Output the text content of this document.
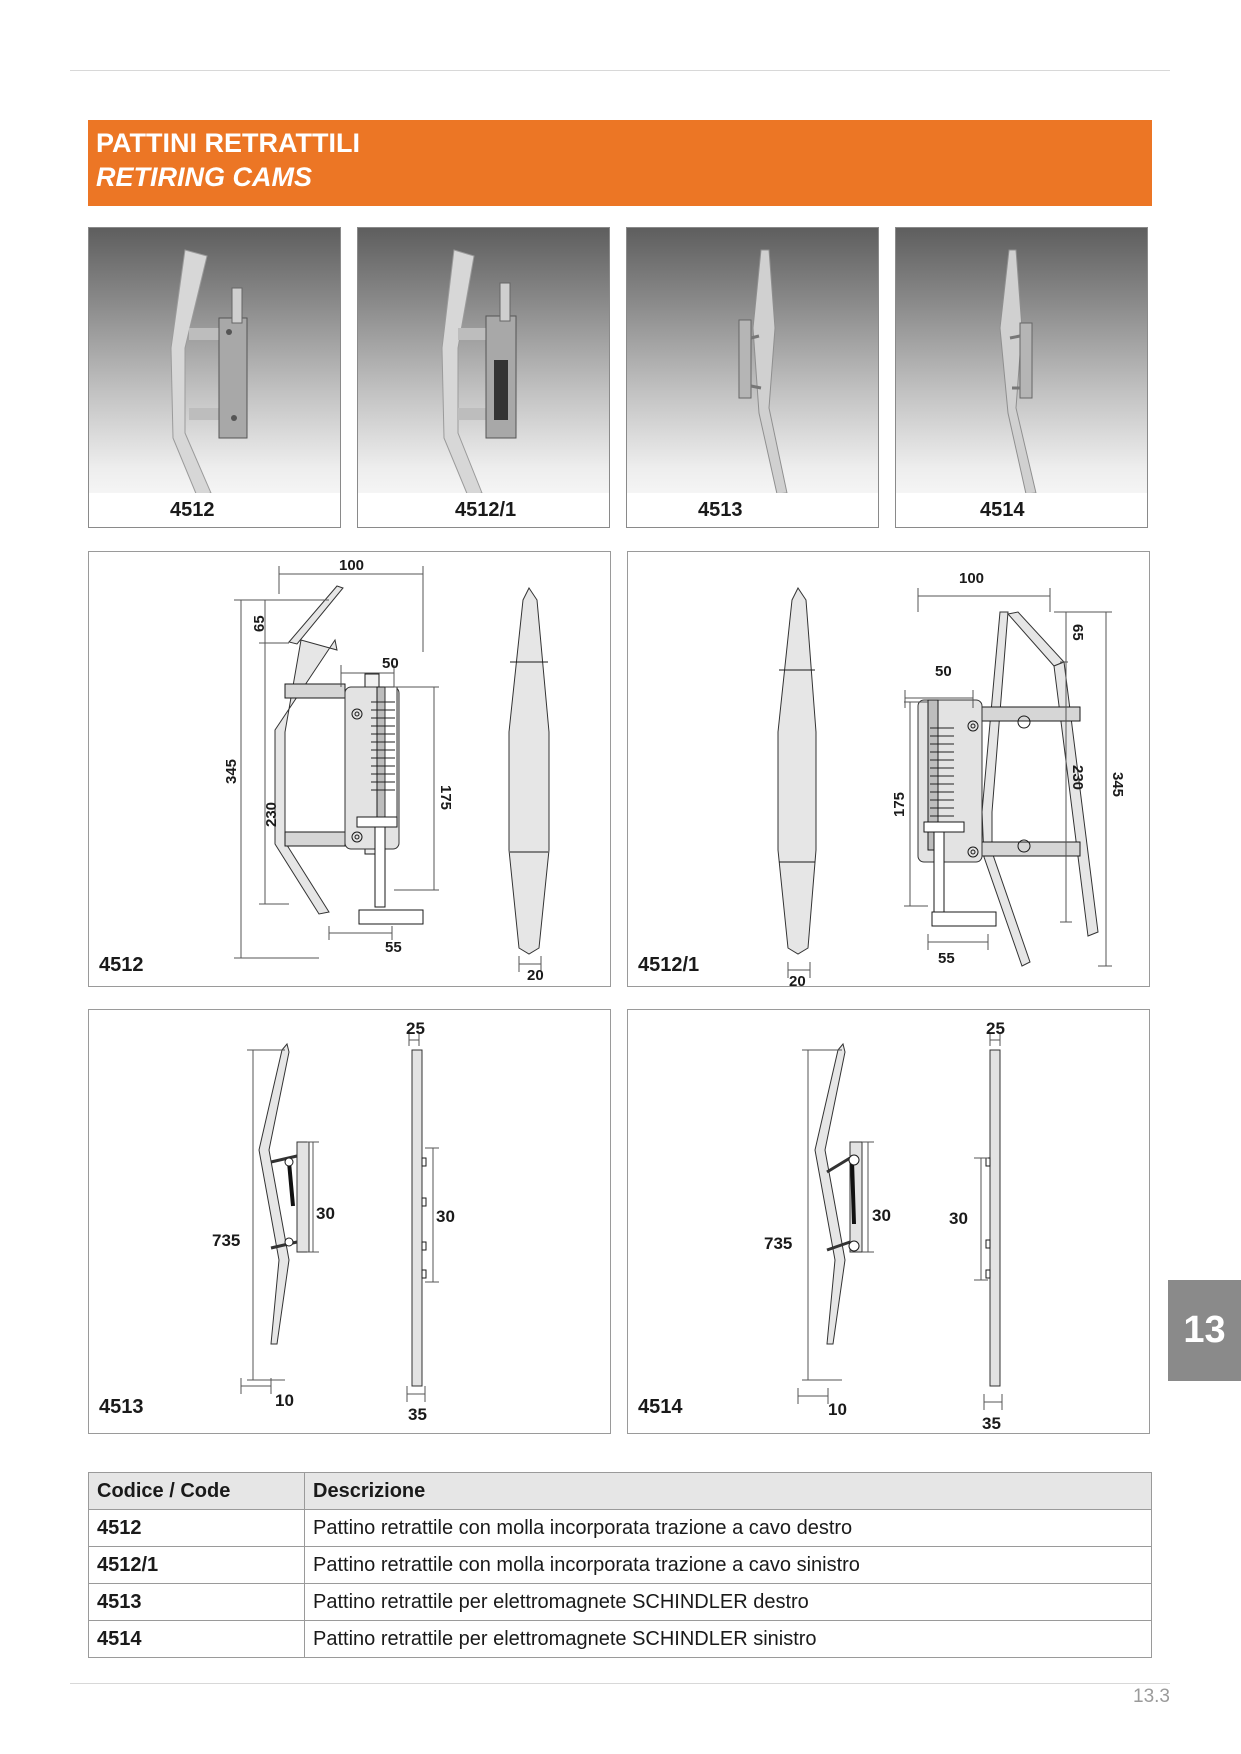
PATTINI RETRATTILI
RETIRING CAMS
4512	4512/1	4513	4514
100
65
50
345
230
175
55
20
4512
100
65
50
345
230
175
55
20
4512/1
25
735
30	30
10
35
4513
25
735
30	30
10
35
4514
Codice / Code	Descrizione
4512	Pattino retrattile con molla incorporata trazione a cavo destro
4512/1	Pattino retrattile con molla incorporata trazione a cavo sinistro
4513	Pattino retrattile per elettromagnete SCHINDLER destro
4514	Pattino retrattile per elettromagnete SCHINDLER sinistro
13
13.3
